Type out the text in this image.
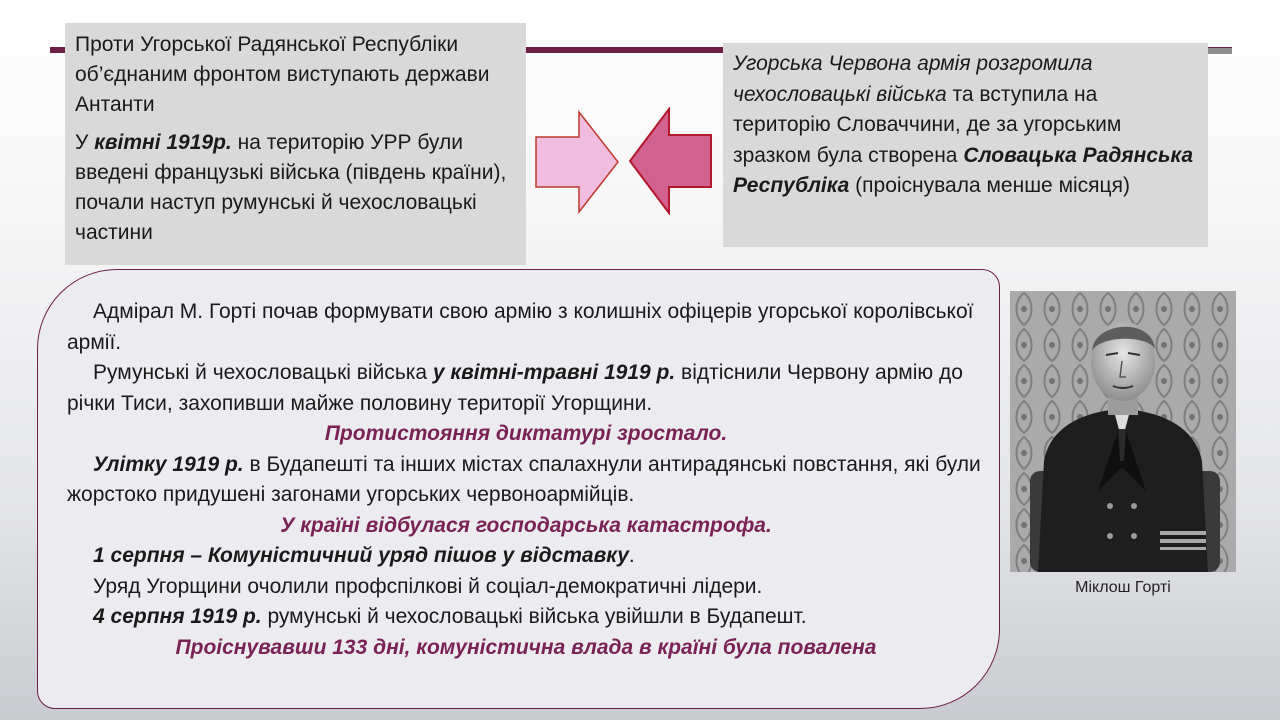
Проти Угорської Радянської Республіки об’єднаним фронтом виступають держави Антанти

У квітні 1919р. на територію УРР були введені французькі війська (південь країни), почали наступ румунські й чехословацькі частини

Угорська Червона армія розгромила чехословацькі війська та вступила на територію Словаччини, де за угорським зразком була створена Словацька Радянська Республіка (проіснувала менше місяця)

Адмірал М. Горті почав формувати свою армію з колишніх офіцерів угорської королівської армії.

Румунські й чехословацькі війська у квітні-травні 1919 р. відтіснили Червону армію до річки Тиси, захопивши майже половину території Угорщини.

Протистояння диктатурі зростало.

Улітку 1919 р. в Будапешті та інших містах спалахнули антирадянські повстання, які були жорстоко придушені загонами угорських червоноармійців.

У країні відбулася господарська катастрофа.

1 серпня – Комуністичний уряд пішов у відставку.

Уряд Угорщини очолили профспілкові й соціал-демократичні лідери.

4 серпня 1919 р. румунські й чехословацькі війська увійшли в Будапешт.

Проіснувавши 133 дні, комуністична влада в країні була повалена

Міклош Горті
